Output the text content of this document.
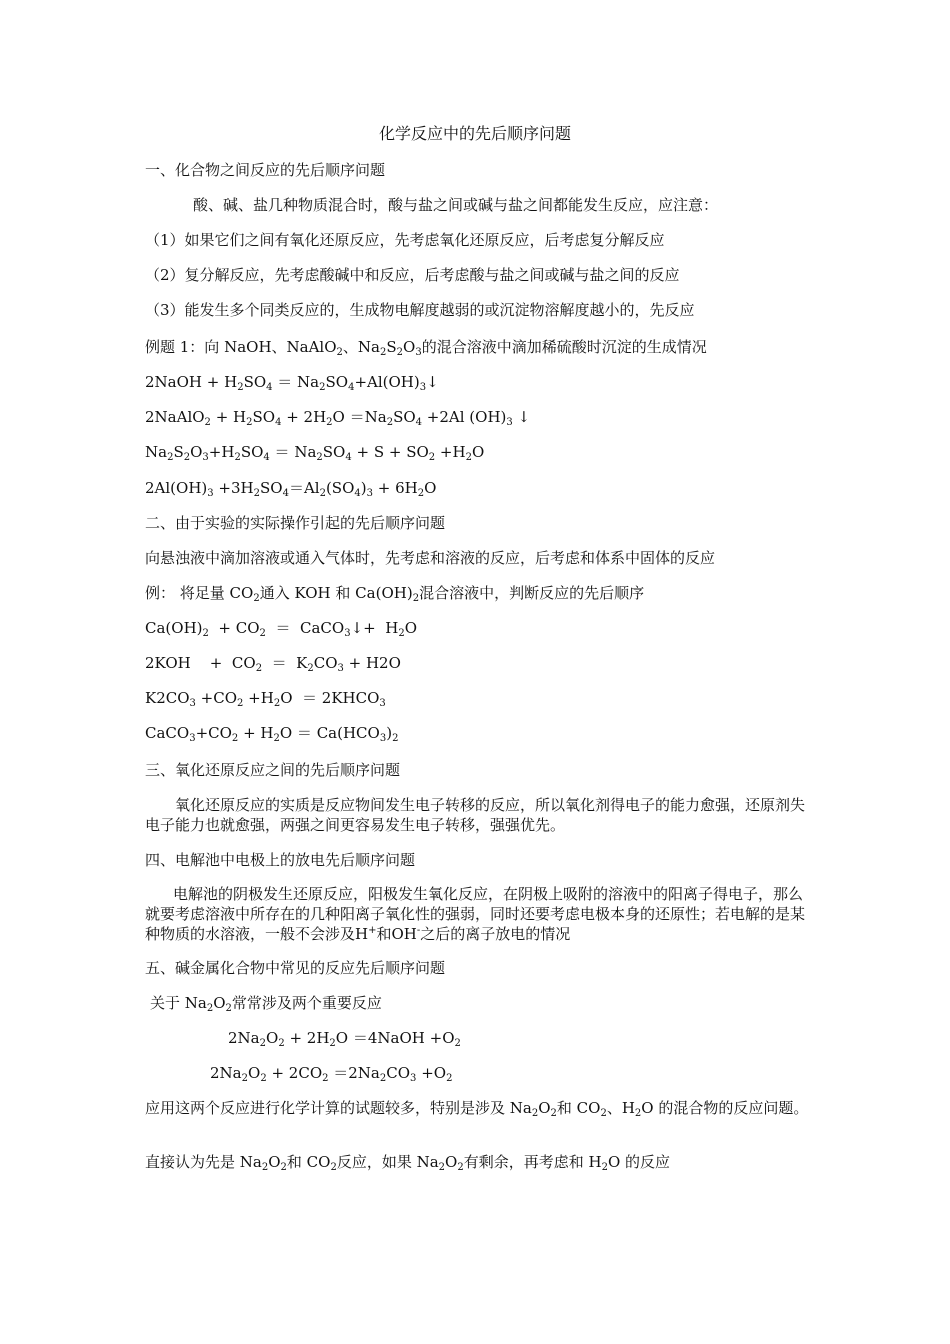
化学反应中的先后顺序问题
一、化合物之间反应的先后顺序问题
酸、碱、盐几种物质混合时，酸与盐之间或碱与盐之间都能发生反应，应注意：
（1）如果它们之间有氧化还原反应，先考虑氧化还原反应，后考虑复分解反应
（2）复分解反应，先考虑酸碱中和反应，后考虑酸与盐之间或碱与盐之间的反应
（3）能发生多个同类反应的，生成物电解度越弱的或沉淀物溶解度越小的，先反应
例题 1：向 NaOH、NaAlO$_2$、$Na_2S_2O_3$的混合溶液中滴加稀硫酸时沉淀的生成情况
2NaOH + $H_2SO_4$ ＝ $Na_2SO_4+Al(OH)_3↓$
2NaAlO$_2$ + $H_2SO_4 + 2H_2O =Na_2SO_4 +2Al$ $(OH)_3$ ↓
$Na_2S_2O_3+H_2SO_4 = Na_2SO_4 + S + SO_2 +H_2O$
$2Al(OH)_3 +3H_2SO_4=Al_2(SO_4)_3 + 6H_2O$
二、由于实验的实际操作引起的先后顺序问题
向悬浊液中滴加溶液或通入气体时，先考虑和溶液的反应，后考虑和体系中固体的反应
例： 将足量 $CO_2$通入 KOH 和 $Ca(OH)_2$混合溶液中，判断反应的先后顺序
$Ca(OH)_2 + CO_2$  ＝  CaCO$_3$↓+  $H_2O$
2KOH    +  $CO_2 = K_2CO_3 + H2O$
$K2CO_3 +CO_2 +H_2O$  ＝ $2KHCO_3$
$CaCO_3+CO_2 + H_2O = Ca(HCO_3)_2$
三、氧化还原反应之间的先后顺序问题
氧化还原反应的实质是反应物间发生电子转移的反应，所以氧化剂得电子的能力愈强，还原剂失电子能力也就愈强，两强之间更容易发生电子转移，强强优先。
四、电解池中电极上的放电先后顺序问题
电解池的阴极发生还原反应，阳极发生氧化反应，在阴极上吸附的溶液中的阳离子得电子，那么就要考虑溶液中所存在的几种阳离子氧化性的强弱，同时还要考虑电极本身的还原性；若电解的是某种物质的水溶液，一般不会涉及H+和OH-之后的离子放电的情况
五、碱金属化合物中常见的反应先后顺序问题
关于 $Na_2O_2$常常涉及两个重要反应
$2Na_2O_2 + 2H_2O$ ＝4NaOH $+O_2$
$2Na_2O_2 + 2CO_2 =2Na_2CO_3 +O_2$
应用这两个反应进行化学计算的试题较多，特别是涉及 $Na_2O_2$和 $CO_2$、$H_2O$ 的混合物的反应问题。
直接认为先是 $Na_2O_2$和 $CO_2$反应，如果 $Na_2O_2$有剩余，再考虑和 $H_2O$ 的反应
